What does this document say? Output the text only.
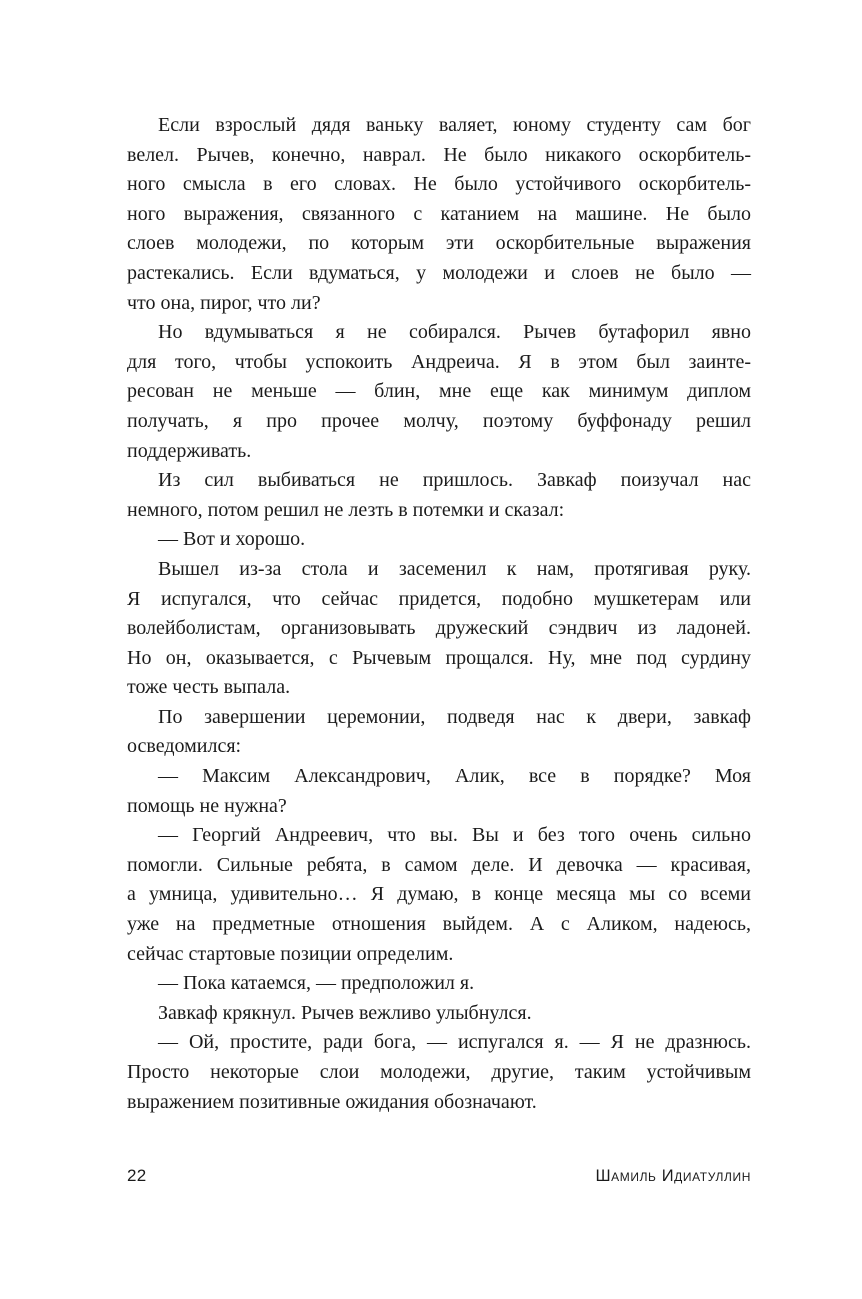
Если взрослый дядя ваньку валяет, юному студенту сам бог
велел. Рычев, конечно, наврал. Не было никакого оскорбитель-
ного смысла в его словах. Не было устойчивого оскорбитель-
ного выражения, связанного с катанием на машине. Не было
слоев молодежи, по которым эти оскорбительные выражения
растекались. Если вдуматься, у молодежи и слоев не было —
что она, пирог, что ли?
Но вдумываться я не собирался. Рычев бутафорил явно
для того, чтобы успокоить Андреича. Я в этом был заинте-
ресован не меньше — блин, мне еще как минимум диплом
получать, я про прочее молчу, поэтому буффонаду решил
поддерживать.
Из сил выбиваться не пришлось. Завкаф поизучал нас
немного, потом решил не лезть в потемки и сказал:
— Вот и хорошо.
Вышел из-за стола и засеменил к нам, протягивая руку.
Я испугался, что сейчас придется, подобно мушкетерам или
волейболистам, организовывать дружеский сэндвич из ладоней.
Но он, оказывается, с Рычевым прощался. Ну, мне под сурдину
тоже честь выпала.
По завершении церемонии, подведя нас к двери, завкаф
осведомился:
— Максим Александрович, Алик, все в порядке? Моя
помощь не нужна?
— Георгий Андреевич, что вы. Вы и без того очень сильно
помогли. Сильные ребята, в самом деле. И девочка — красивая,
а умница, удивительно… Я думаю, в конце месяца мы со всеми
уже на предметные отношения выйдем. А с Аликом, надеюсь,
сейчас стартовые позиции определим.
— Пока катаемся, — предположил я.
Завкаф крякнул. Рычев вежливо улыбнулся.
— Ой, простите, ради бога, — испугался я. — Я не дразнюсь.
Просто некоторые слои молодежи, другие, таким устойчивым
выражением позитивные ожидания обозначают.
22	Шамиль Идиатуллин
